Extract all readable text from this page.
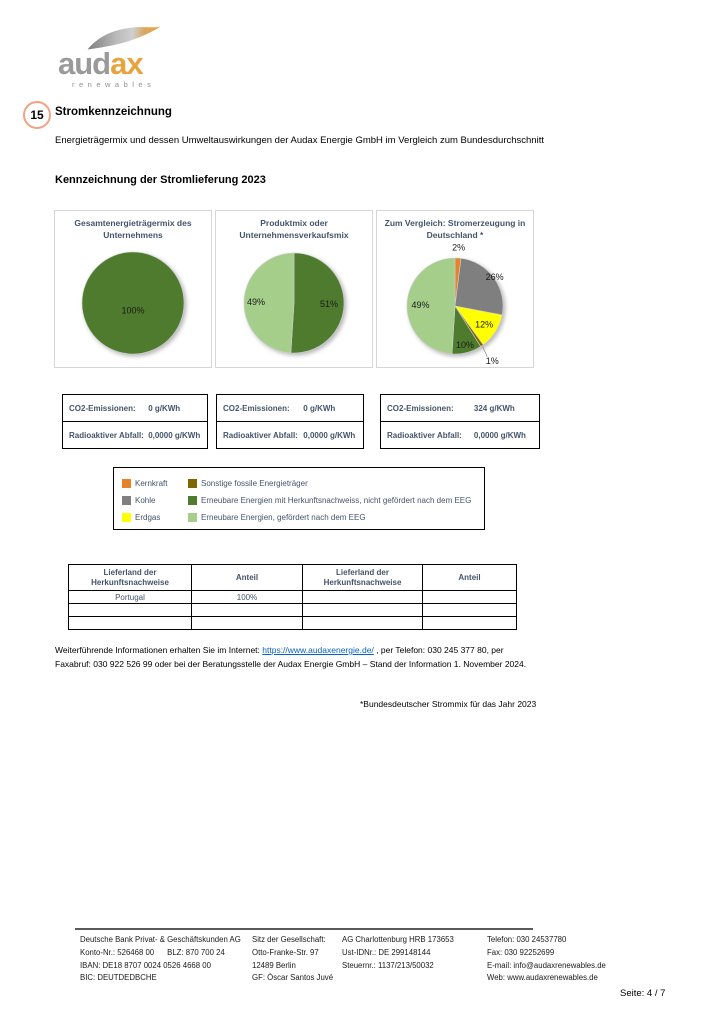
audax
renewables
15 Stromkennzeichnung

Energieträgermix und dessen Umweltauswirkungen der Audax Energie GmbH im Vergleich zum Bundesdurchschnitt

Kennzeichnung der Stromlieferung 2023
Gesamtenergieträgermix des Unternehmens
100%
Produktmix oder Unternehmensverkaufsmix
51%
49%
Zum Vergleich: Stromerzeugung in Deutschland *
2%
26%
12%
1%
10%
49%
CO2-Emissionen:	0 g/KWh
Radioaktiver Abfall: 0,0000 g/KWh
CO2-Emissionen:	0 g/KWh
Radioaktiver Abfall: 0,0000 g/KWh
CO2-Emissionen:	324 g/KWh
Radioaktiver Abfall:	0,0000 g/KWh
Kernkraft	Sonstige fossile Energieträger
Kohle	Erneubare Energien mit Herkunftsnachweiss, nicht gefördert nach dem EEG
Erdgas	Erneubare Energien, gefördert nach dem EEG
Lieferland der Herkunftsnachweise	Anteil	Lieferland der Herkunftsnachweise	Anteil
Portugal	100%		

Weiterführende Informationen erhalten Sie im Internet: https://www.audaxenergie.de/ , per Telefon: 030 245 377 80, per Faxabruf: 030 922 526 99 oder bei der Beratungsstelle der Audax Energie GmbH – Stand der Information 1. November 2024.

*Bundesdeutscher Strommix für das Jahr 2023

Deutsche Bank Privat- & Geschäftskunden AG
Konto-Nr.: 526468 00      BLZ: 870 700 24
IBAN: DE18 8707 0024 0526 4668 00
BIC: DEUTDEDBCHE
Sitz der Gesellschaft:
Otto-Franke-Str. 97
12489 Berlin
GF: Òscar Santos Juvé
AG Charlottenburg HRB 173653
Ust-IDNr.: DE 299148144
Steuernr.: 1137/213/50032
Telefon: 030 24537780
Fax: 030 92252699
E-mail: info@audaxrenewables.de
Web: www.audaxrenewables.de
Seite: 4 / 7
